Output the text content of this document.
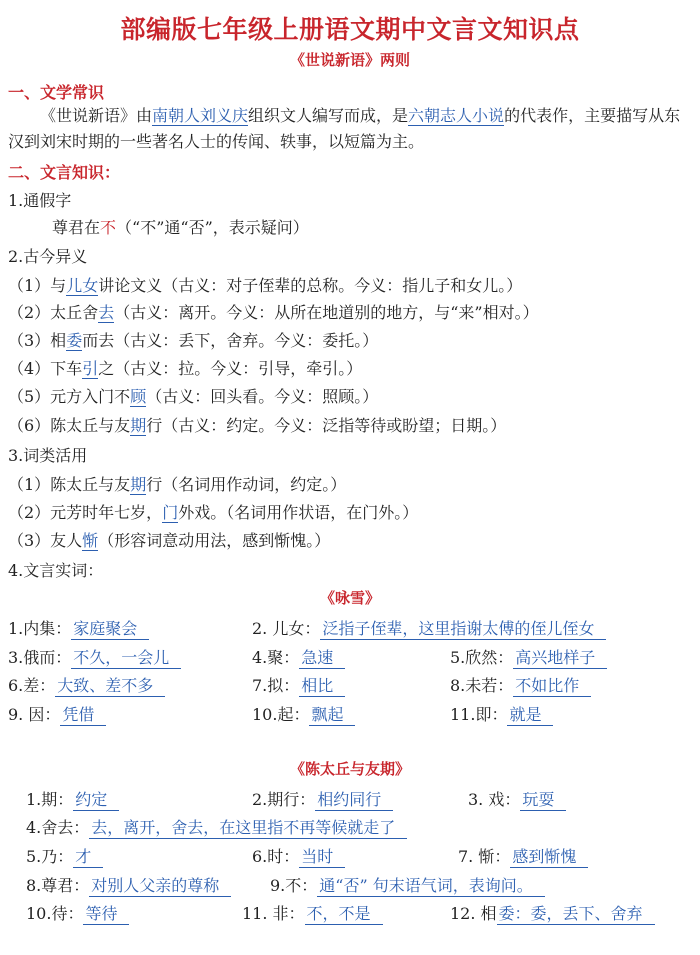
部编版七年级上册语文期中文言文知识点
《世说新语》两则
一、文学常识
《世说新语》由南朝人刘义庆组织文人编写而成，是六朝志人小说的代表作，主要描写从东汉到刘宋时期的一些著名人士的传闻、轶事，以短篇为主。
二、文言知识：
1.通假字
尊君在不（“不”通“否”，表示疑问）
2.古今异义
（1）与儿女讲论文义（古义：对子侄辈的总称。今义：指儿子和女儿。）
（2）太丘舍去（古义：离开。今义：从所在地道别的地方，与“来”相对。）
（3）相委而去（古义：丢下，舍弃。今义：委托。）
（4）下车引之（古义：拉。今义：引导，牵引。）
（5）元方入门不顾（古义：回头看。今义：照顾。）
（6）陈太丘与友期行（古义：约定。今义：泛指等待或盼望；日期。）
3.词类活用
（1）陈太丘与友期行（名词用作动词，约定。）
（2）元芳时年七岁，门外戏。（名词用作状语，在门外。）
（3）友人惭（形容词意动用法，感到惭愧。）
4.文言实词：
《咏雪》
1.内集： 家庭聚会	2. 儿女： 泛指子侄辈，这里指谢太傅的侄儿侄女
3.俄而： 不久，一会儿	4.聚： 急速	5.欣然： 高兴地样子
6.差： 大致、差不多	7.拟： 相比	8.未若： 不如比作
9. 因： 凭借	10.起： 飘起	11.即： 就是
《陈太丘与友期》
1.期： 约定	2.期行： 相约同行	3. 戏： 玩耍
4.舍去： 去，离开，舍去，在这里指不再等候就走了
5.乃： 才	6.时： 当时	7. 惭： 感到惭愧
8.尊君： 对别人父亲的尊称	9.不： 通“否” 句末语气词，表询问。
10.待： 等待	11. 非： 不，不是	12. 相 委：委，丢下、舍弃
